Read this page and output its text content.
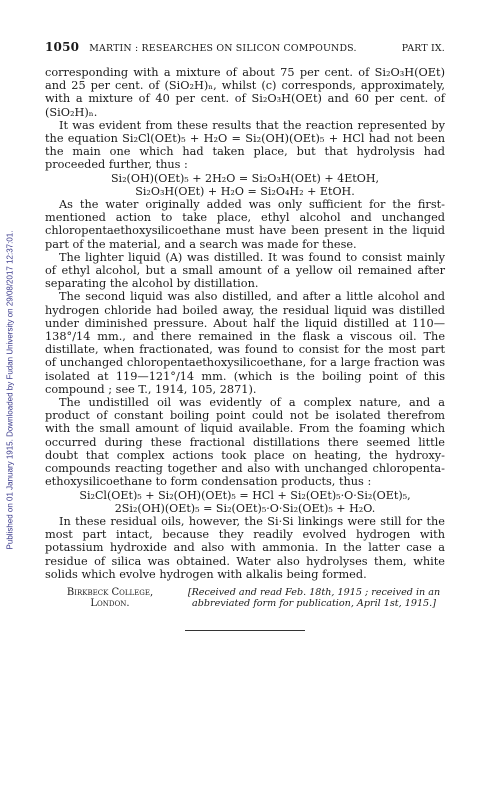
Published on 01 January 1915. Downloaded by Fudan University on 29/08/2017 12:37:01.
1050 MARTIN : RESEARCHES ON SILICON COMPOUNDS.	PART IX.

corresponding with a mixture of about 75 per cent. of Si₂O₃H(OEt) and 25 per cent. of (SiO₂H)ₙ, whilst (c) corresponds, approximately, with a mixture of 40 per cent. of Si₂O₃H(OEt) and 60 per cent. of (SiO₂H)ₙ.

It was evident from these results that the reaction represented by the equation Si₂Cl(OEt)₅ + H₂O = Si₂(OH)(OEt)₅ + HCl had not been the main one which had taken place, but that hydrolysis had proceeded further, thus :

Si₂(OH)(OEt)₅ + 2H₂O = Si₂O₃H(OEt) + 4EtOH,
Si₂O₃H(OEt) + H₂O = Si₂O₄H₂ + EtOH.

As the water originally added was only sufficient for the first-mentioned action to take place, ethyl alcohol and unchanged chloropentaethoxysilicoethane must have been present in the liquid part of the material, and a search was made for these.

The lighter liquid (A) was distilled. It was found to consist mainly of ethyl alcohol, but a small amount of a yellow oil remained after separating the alcohol by distillation.

The second liquid was also distilled, and after a little alcohol and hydrogen chloride had boiled away, the residual liquid was distilled under diminished pressure. About half the liquid distilled at 110—138°/14 mm., and there remained in the flask a viscous oil. The distillate, when fractionated, was found to consist for the most part of unchanged chloropentaethoxysilicoethane, for a large fraction was isolated at 119—121°/14 mm. (which is the boiling point of this compound ; see T., 1914, 105, 2871).

The undistilled oil was evidently of a complex nature, and a product of constant boiling point could not be isolated therefrom with the small amount of liquid available. From the foaming which occurred during these fractional distillations there seemed little doubt that complex actions took place on heating, the hydroxy-compounds reacting together and also with unchanged chloropenta-ethoxysilicoethane to form condensation products, thus :

Si₂Cl(OEt)₅ + Si₂(OH)(OEt)₅ = HCl + Si₂(OEt)₅·O·Si₂(OEt)₅,
2Si₂(OH)(OEt)₅ = Si₂(OEt)₅·O·Si₂(OEt)₅ + H₂O.

In these residual oils, however, the Si·Si linkings were still for the most part intact, because they readily evolved hydrogen with potassium hydroxide and also with ammonia. In the latter case a residue of silica was obtained. Water also hydrolyses them, white solids which evolve hydrogen with alkalis being formed.

Birkbeck College,
London.
[Received and read Feb. 18th, 1915 ; received in an abbreviated form for publication, April 1st, 1915.]
